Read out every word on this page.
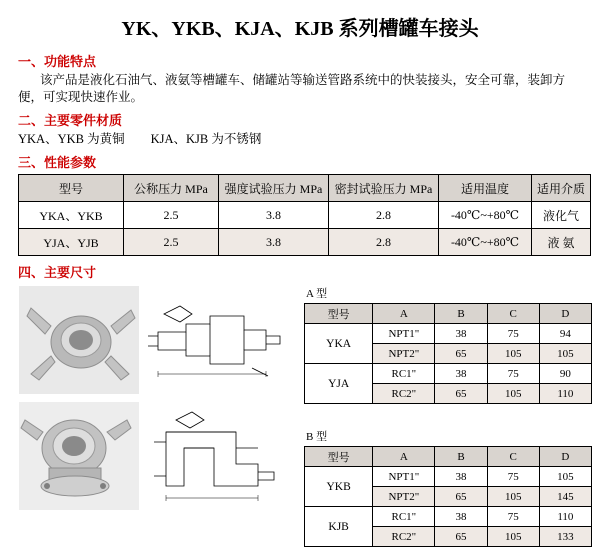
YK、YKB、KJA、KJB 系列槽罐车接头
一、功能特点
该产品是液化石油气、液氨等槽罐车、储罐站等输送管路系统中的快装接头，安全可靠，装卸方便，可实现快速作业。
二、主要零件材质
YKA、YKB 为黄铜 KJA、KJB 为不锈钢
三、性能参数
型号	公称压力 MPa	强度试验压力 MPa	密封试验压力 MPa	适用温度	适用介质
YKA、YKB	2.5	3.8	2.8	-40℃~+80℃	液化气
YJA、YJB	2.5	3.8	2.8	-40℃~+80℃	液 氨
四、主要尺寸
A 型
型号	A	B	C	D
YKA	NPT1"	38	75	94
	NPT2"	65	105	105
YJA	RC1"	38	75	90
	RC2"	65	105	110
B 型
型号	A	B	C	D
YKB	NPT1"	38	75	105
	NPT2"	65	105	145
KJB	RC1"	38	75	110
	RC2"	65	105	133
